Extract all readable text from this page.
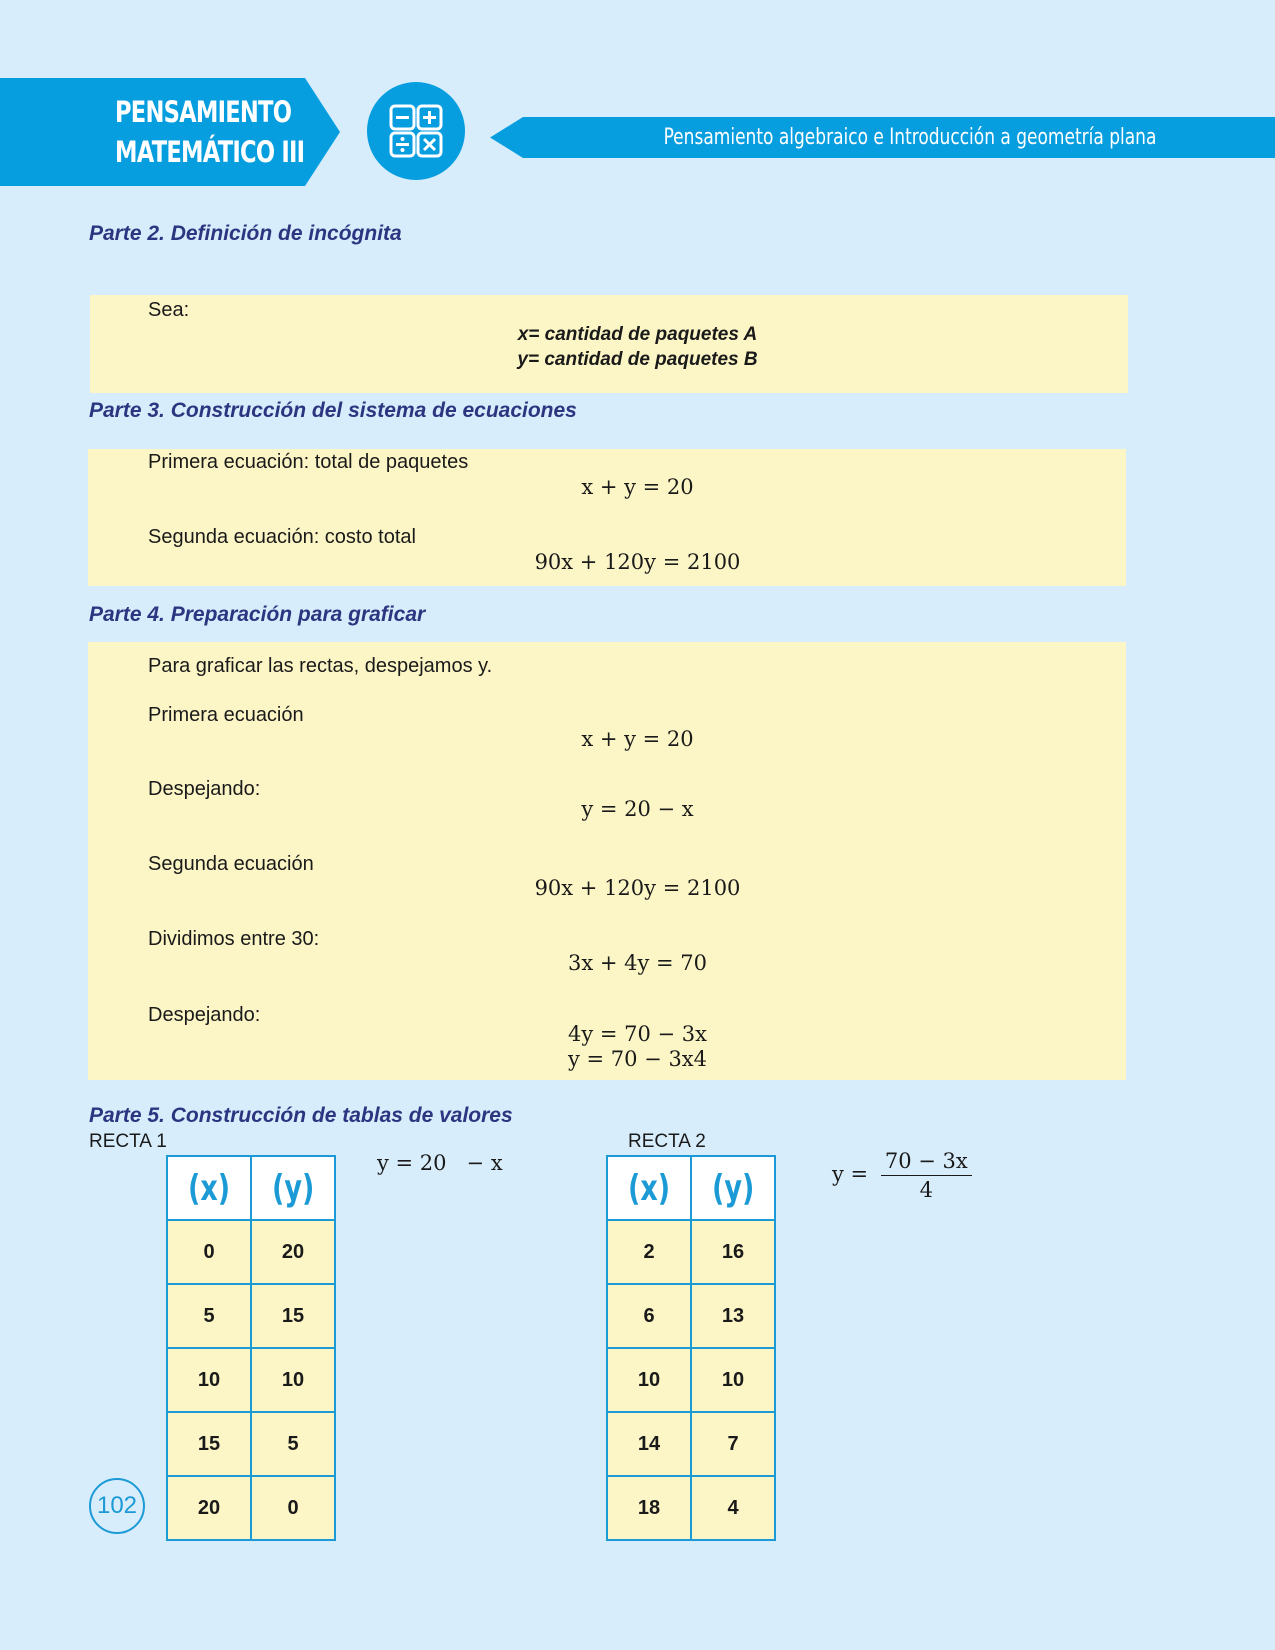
PENSAMIENTO
MATEMÁTICO III	Pensamiento algebraico e Introducción a geometría plana
Parte 2. Definición de incógnita
Sea:
x= cantidad de paquetes A
y= cantidad de paquetes B
Parte 3. Construcción del sistema de ecuaciones
Primera ecuación: total de paquetes
x + y = 20
Segunda ecuación: costo total
90x + 120y = 2100
Parte 4. Preparación para graficar
Para graficar las rectas, despejamos y.
Primera ecuación
x + y = 20
Despejando:
y = 20 − x
Segunda ecuación
90x + 120y = 2100
Dividimos entre 30:
3x + 4y = 70
Despejando:
4y = 70 − 3x
y = 70 − 3x4
Parte 5. Construcción de tablas de valores
RECTA 1
(x)	(y)
0	20
5	15
10	10
15	5
20	0
y = 20   − x
RECTA 2
(x)	(y)
2	16
6	13
10	10
14	7
18	4
$y = \frac{70 - 3x}{4}$
102
